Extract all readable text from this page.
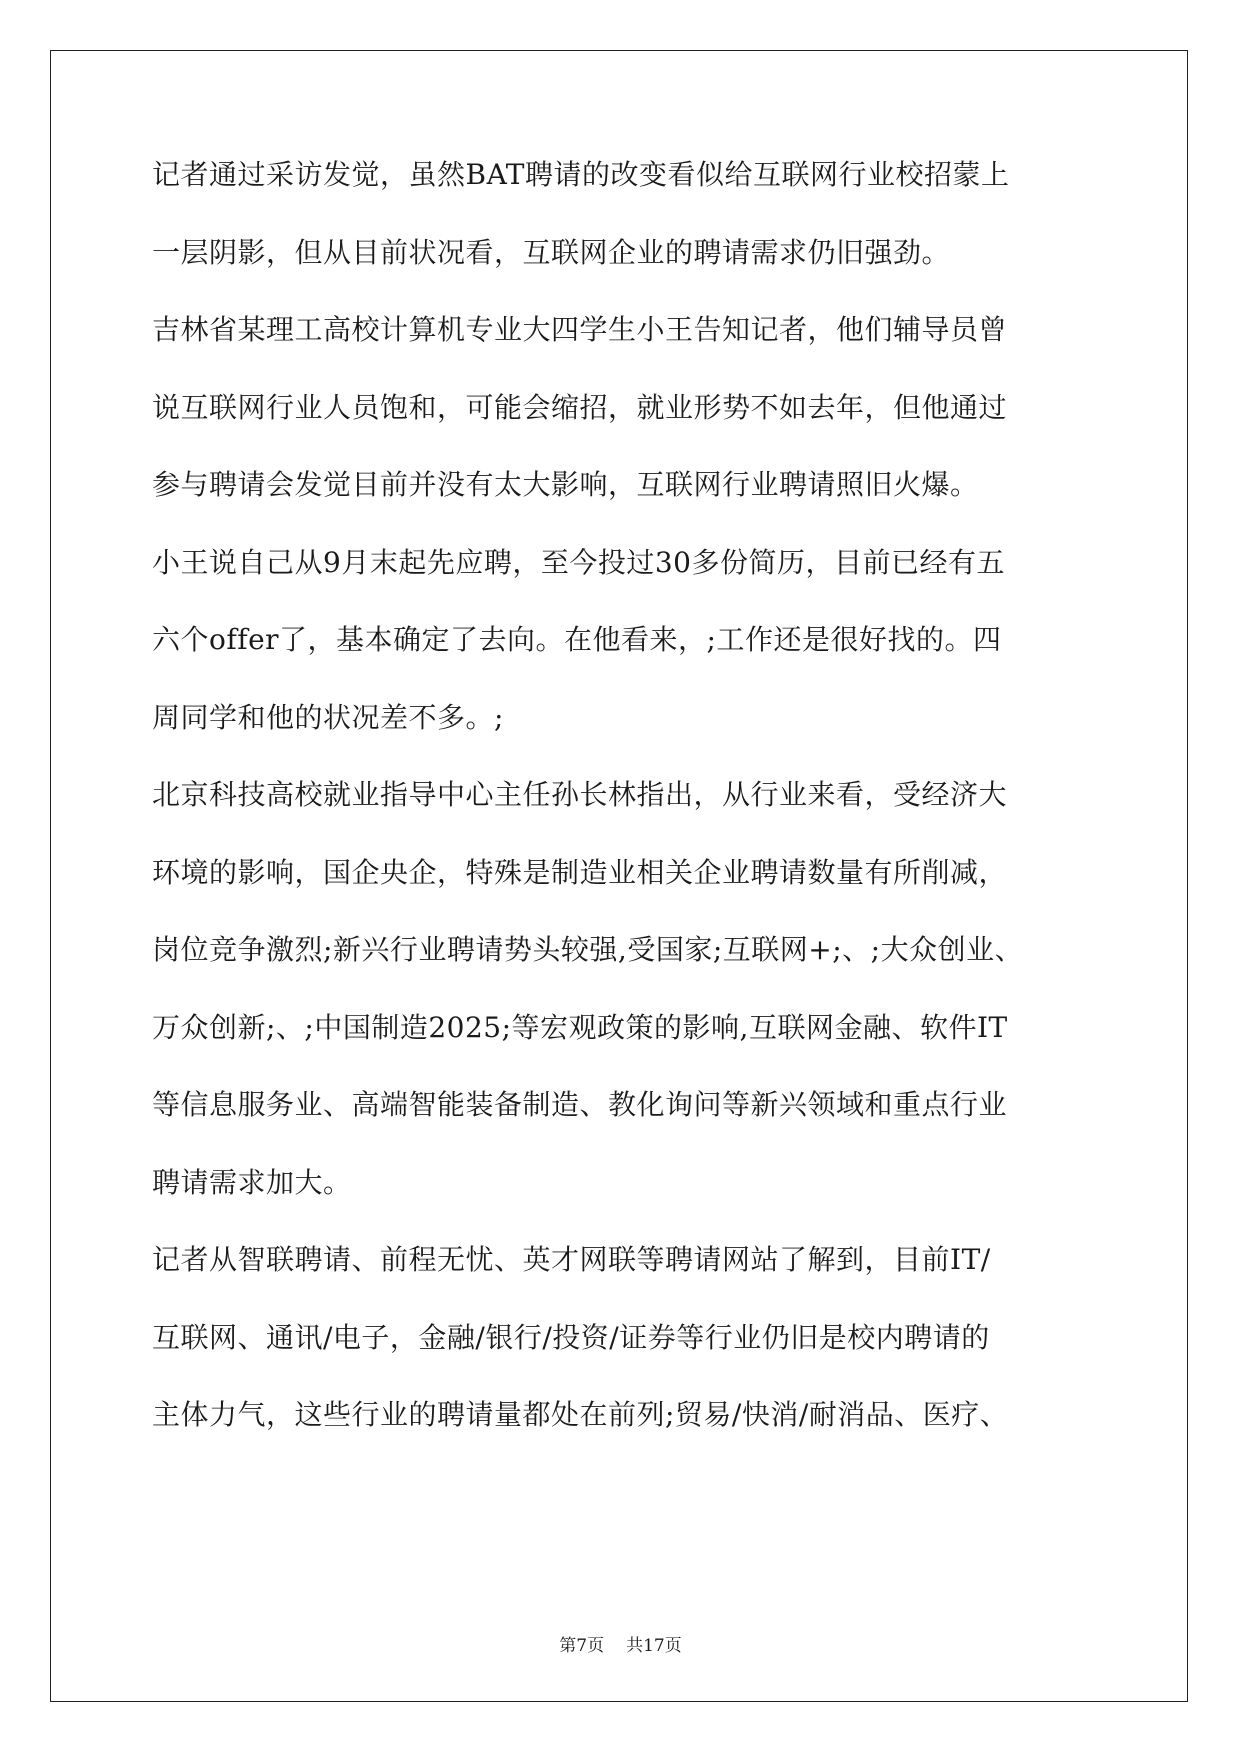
记者通过采访发觉，虽然BAT聘请的改变看似给互联网行业校招蒙上
一层阴影，但从目前状况看，互联网企业的聘请需求仍旧强劲。
吉林省某理工高校计算机专业大四学生小王告知记者，他们辅导员曾
说互联网行业人员饱和，可能会缩招，就业形势不如去年，但他通过
参与聘请会发觉目前并没有太大影响，互联网行业聘请照旧火爆。
小王说自己从9月末起先应聘，至今投过30多份简历，目前已经有五
六个offer了，基本确定了去向。在他看来，;工作还是很好找的。四
周同学和他的状况差不多。;
北京科技高校就业指导中心主任孙长林指出，从行业来看，受经济大
环境的影响，国企央企，特殊是制造业相关企业聘请数量有所削减，
岗位竞争激烈;新兴行业聘请势头较强,受国家;互联网+;、;大众创业、
万众创新;、;中国制造2025;等宏观政策的影响,互联网金融、软件IT
等信息服务业、高端智能装备制造、教化询问等新兴领域和重点行业
聘请需求加大。
记者从智联聘请、前程无忧、英才网联等聘请网站了解到，目前IT/
互联网、通讯/电子，金融/银行/投资/证券等行业仍旧是校内聘请的
主体力气，这些行业的聘请量都处在前列;贸易/快消/耐消品、医疗、
第7页 共17页
